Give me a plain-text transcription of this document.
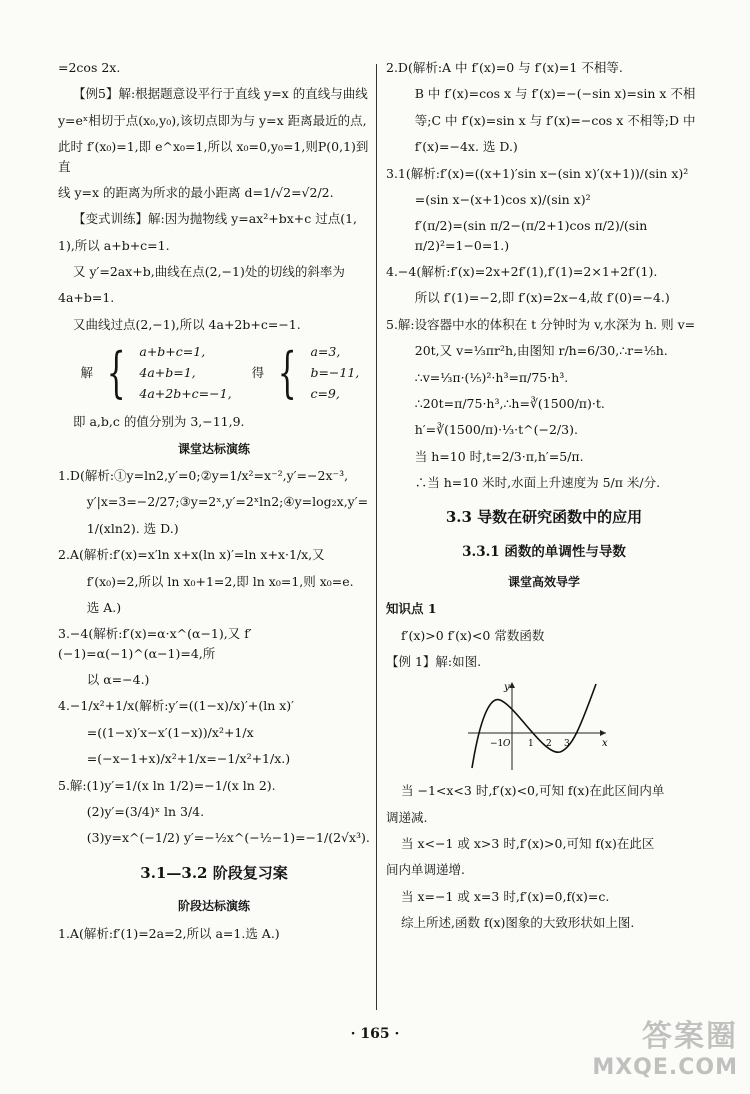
=2cos 2x.

【例5】解:根据题意设平行于直线 y=x 的直线与曲线

y=eˣ相切于点(x₀,y₀),该切点即为与 y=x 距离最近的点,

此时 f′(x₀)=1,即 e^x₀=1,所以 x₀=0,y₀=1,则P(0,1)到直

线 y=x 的距离为所求的最小距离 d=1/√2=√2/2.

【变式训练】解:因为抛物线 y=ax²+bx+c 过点(1,

1),所以 a+b+c=1.

又 y′=2ax+b,曲线在点(2,−1)处的切线的斜率为

4a+b=1.

又曲线过点(2,−1),所以 4a+2b+c=−1.

解 { a+b+c=1,
4a+b=1,
4a+2b+c=−1,
得 { a=3,
b=−11,
c=9,

即 a,b,c 的值分别为 3,−11,9.

课堂达标演练

1.D(解析:①y=ln2,y′=0;②y=1/x²=x⁻²,y′=−2x⁻³,

y′|x=3=−2/27;③y=2ˣ,y′=2ˣln2;④y=log₂x,y′=

1/(xln2). 选 D.)

2.A(解析:f′(x)=x′ln x+x(ln x)′=ln x+x·1/x,又

f′(x₀)=2,所以 ln x₀+1=2,即 ln x₀=1,则 x₀=e.

选 A.)

3.−4(解析:f′(x)=α·x^(α−1),又 f′(−1)=α(−1)^(α−1)=4,所

以 α=−4.)

4.−1/x²+1/x(解析:y′=((1−x)/x)′+(ln x)′

=((1−x)′x−x′(1−x))/x²+1/x

=(−x−1+x)/x²+1/x=−1/x²+1/x.)

5.解:(1)y′=1/(x ln 1/2)=−1/(x ln 2).

(2)y′=(3/4)ˣ ln 3/4.

(3)y=x^(−1/2) y′=−½x^(−½−1)=−1/(2√x³).

3.1—3.2 阶段复习案
阶段达标演练

1.A(解析:f′(1)=2a=2,所以 a=1.选 A.)

2.D(解析:A 中 f′(x)=0 与 f′(x)=1 不相等.

B 中 f′(x)=cos x 与 f′(x)=−(−sin x)=sin x 不相

等;C 中 f′(x)=sin x 与 f′(x)=−cos x 不相等;D 中

f′(x)=−4x. 选 D.)

3.1(解析:f′(x)=((x+1)′sin x−(sin x)′(x+1))/(sin x)²

=(sin x−(x+1)cos x)/(sin x)²

f′(π/2)=(sin π/2−(π/2+1)cos π/2)/(sin π/2)²=1−0=1.)

4.−4(解析:f′(x)=2x+2f′(1),f′(1)=2×1+2f′(1).

所以 f′(1)=−2,即 f′(x)=2x−4,故 f′(0)=−4.)

5.解:设容器中水的体积在 t 分钟时为 v,水深为 h. 则 v=

20t,又 v=⅓πr²h,由图知 r/h=6/30,∴r=⅕h.

∴v=⅓π·(⅕)²·h³=π/75·h³.

∴20t=π/75·h³,∴h=∛(1500/π)·t.

h′=∛(1500/π)·⅓·t^(−2/3).

当 h=10 时,t=2/3·π,h′=5/π.

∴当 h=10 米时,水面上升速度为 5/π 米/分.

3.3 导数在研究函数中的应用
3.3.1 函数的单调性与导数
课堂高效导学

知识点 1

f′(x)>0 f′(x)<0 常数函数

【例 1】解:如图.

y
x
O
−1	1 2 3

当 −1<x<3 时,f′(x)<0,可知 f(x)在此区间内单

调递减.

当 x<−1 或 x>3 时,f′(x)>0,可知 f(x)在此区

间内单调递增.

当 x=−1 或 x=3 时,f′(x)=0,f(x)=c.

综上所述,函数 f(x)图象的大致形状如上图.

· 165 ·	答案圈
MXQE.COM
